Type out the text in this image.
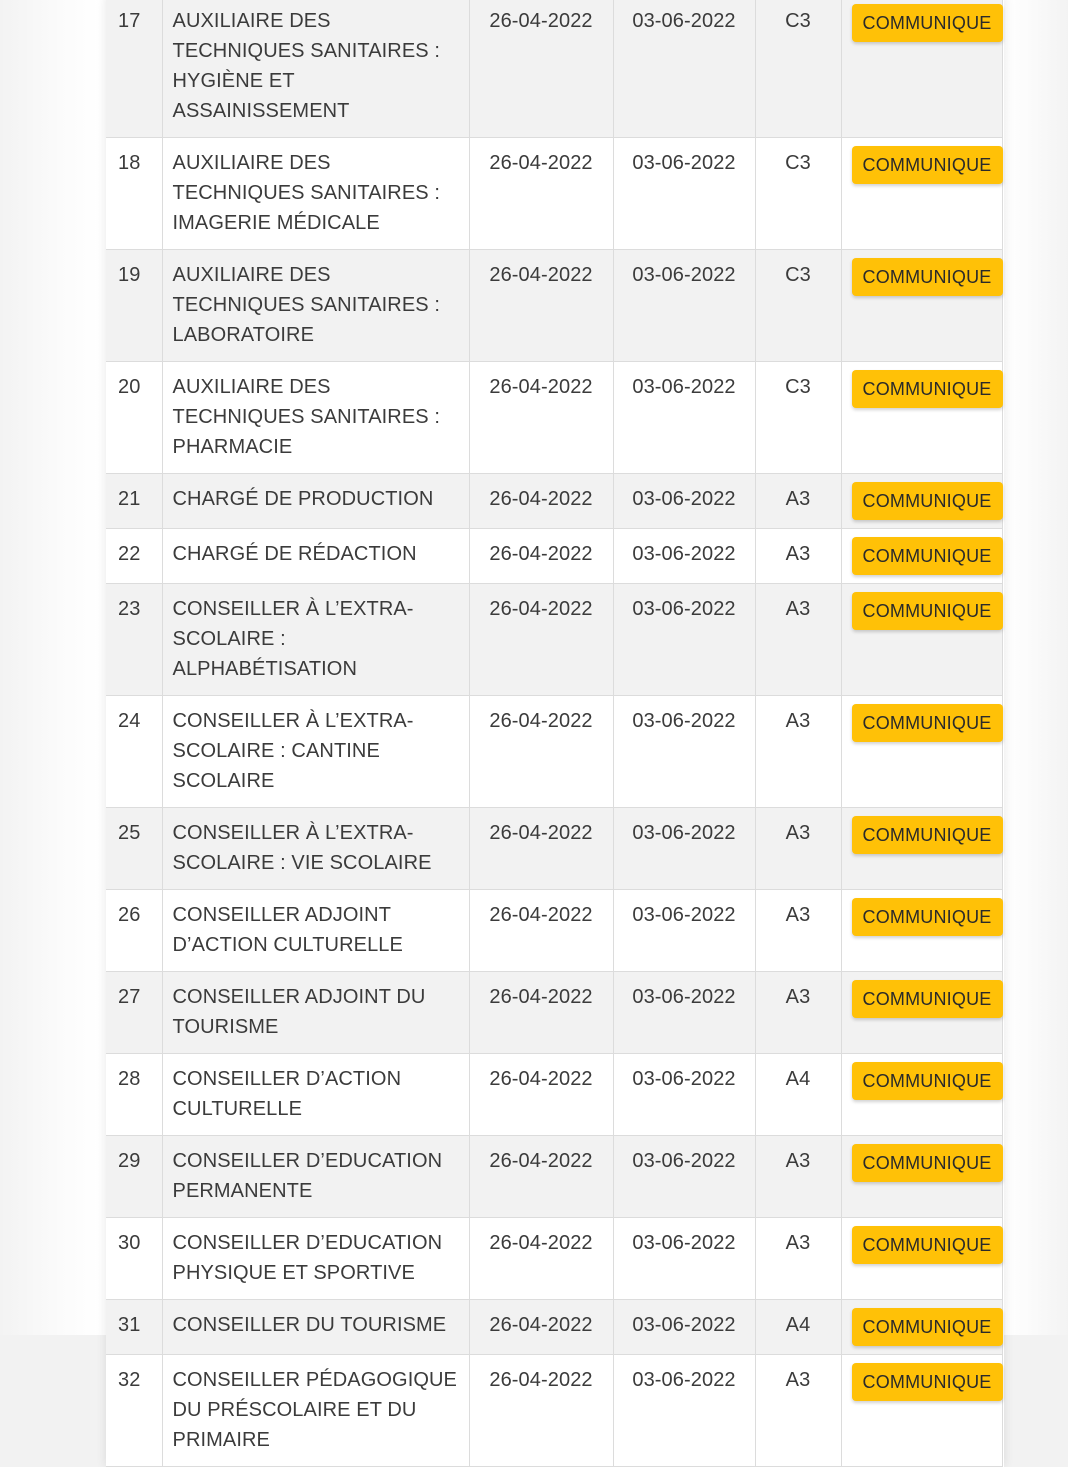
17	AUXILIAIRE DES TECHNIQUES SANITAIRES : HYGIÈNE ET ASSAINISSEMENT	26-04-2022	03-06-2022	C3	COMMUNIQUE
18	AUXILIAIRE DES TECHNIQUES SANITAIRES : IMAGERIE MÉDICALE	26-04-2022	03-06-2022	C3	COMMUNIQUE
19	AUXILIAIRE DES TECHNIQUES SANITAIRES : LABORATOIRE	26-04-2022	03-06-2022	C3	COMMUNIQUE
20	AUXILIAIRE DES TECHNIQUES SANITAIRES : PHARMACIE	26-04-2022	03-06-2022	C3	COMMUNIQUE
21	CHARGÉ DE PRODUCTION	26-04-2022	03-06-2022	A3	COMMUNIQUE
22	CHARGÉ DE RÉDACTION	26-04-2022	03-06-2022	A3	COMMUNIQUE
23	CONSEILLER À L’EXTRA-SCOLAIRE : ALPHABÉTISATION	26-04-2022	03-06-2022	A3	COMMUNIQUE
24	CONSEILLER À L’EXTRA-SCOLAIRE : CANTINE SCOLAIRE	26-04-2022	03-06-2022	A3	COMMUNIQUE
25	CONSEILLER À L’EXTRA-SCOLAIRE : VIE SCOLAIRE	26-04-2022	03-06-2022	A3	COMMUNIQUE
26	CONSEILLER ADJOINT D’ACTION CULTURELLE	26-04-2022	03-06-2022	A3	COMMUNIQUE
27	CONSEILLER ADJOINT DU TOURISME	26-04-2022	03-06-2022	A3	COMMUNIQUE
28	CONSEILLER D’ACTION CULTURELLE	26-04-2022	03-06-2022	A4	COMMUNIQUE
29	CONSEILLER D’EDUCATION PERMANENTE	26-04-2022	03-06-2022	A3	COMMUNIQUE
30	CONSEILLER D’EDUCATION PHYSIQUE ET SPORTIVE	26-04-2022	03-06-2022	A3	COMMUNIQUE
31	CONSEILLER DU TOURISME	26-04-2022	03-06-2022	A4	COMMUNIQUE
32	CONSEILLER PÉDAGOGIQUE DU PRÉSCOLAIRE ET DU PRIMAIRE	26-04-2022	03-06-2022	A3	COMMUNIQUE
